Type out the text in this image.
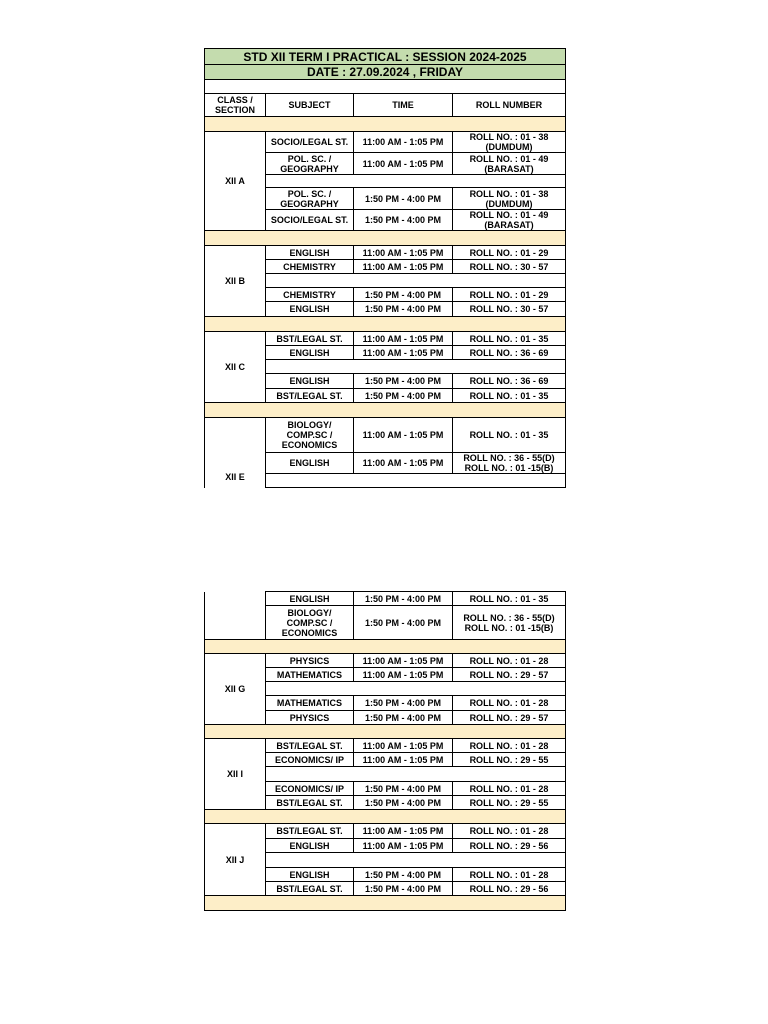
STD XII TERM I PRACTICAL : SESSION 2024-2025			
DATE : 27.09.2024 , FRIDAY			

CLASS / SECTION	SUBJECT	TIME	ROLL NUMBER

XII A	SOCIO/LEGAL ST.	11:00 AM - 1:05 PM	ROLL NO. : 01 - 38 (DUMDUM)
	POL. SC. / GEOGRAPHY	11:00 AM - 1:05 PM	ROLL NO. : 01 - 49 (BARASAT)

	POL. SC. / GEOGRAPHY	1:50 PM - 4:00 PM	ROLL NO. : 01 - 38 (DUMDUM)
	SOCIO/LEGAL ST.	1:50 PM - 4:00 PM	ROLL NO. : 01 - 49 (BARASAT)

XII B	ENGLISH	11:00 AM - 1:05 PM	ROLL NO. : 01 - 29
	CHEMISTRY	11:00 AM - 1:05 PM	ROLL NO. : 30 - 57

	CHEMISTRY	1:50 PM - 4:00 PM	ROLL NO. : 01 - 29
	ENGLISH	1:50 PM - 4:00 PM	ROLL NO. : 30 - 57

XII C	BST/LEGAL ST.	11:00 AM - 1:05 PM	ROLL NO. : 01 - 35
	ENGLISH	11:00 AM - 1:05 PM	ROLL NO. : 36 - 69

	ENGLISH	1:50 PM - 4:00 PM	ROLL NO. : 36 - 69
	BST/LEGAL ST.	1:50 PM - 4:00 PM	ROLL NO. : 01 - 35

XII E	BIOLOGY/ COMP.SC / ECONOMICS	11:00 AM - 1:05 PM	ROLL NO. : 01 - 35
	ENGLISH	11:00 AM - 1:05 PM	ROLL NO. : 36 - 55(D)
ROLL NO. : 01 -15(B)

	ENGLISH	1:50 PM - 4:00 PM	ROLL NO. : 01 - 35
	BIOLOGY/ COMP.SC / ECONOMICS	1:50 PM - 4:00 PM	ROLL NO. : 36 - 55(D)
ROLL NO. : 01 -15(B)

XII G	PHYSICS	11:00 AM - 1:05 PM	ROLL NO. : 01 - 28
	MATHEMATICS	11:00 AM - 1:05 PM	ROLL NO. : 29 - 57

	MATHEMATICS	1:50 PM - 4:00 PM	ROLL NO. : 01 - 28
	PHYSICS	1:50 PM - 4:00 PM	ROLL NO. : 29 - 57

XII I	BST/LEGAL ST.	11:00 AM - 1:05 PM	ROLL NO. : 01 - 28
	ECONOMICS/ IP	11:00 AM - 1:05 PM	ROLL NO. : 29 - 55

	ECONOMICS/ IP	1:50 PM - 4:00 PM	ROLL NO. : 01 - 28
	BST/LEGAL ST.	1:50 PM - 4:00 PM	ROLL NO. : 29 - 55

XII J	BST/LEGAL ST.	11:00 AM - 1:05 PM	ROLL NO. : 01 - 28
	ENGLISH	11:00 AM - 1:05 PM	ROLL NO. : 29 - 56

	ENGLISH	1:50 PM - 4:00 PM	ROLL NO. : 01 - 28
	BST/LEGAL ST.	1:50 PM - 4:00 PM	ROLL NO. : 29 - 56
